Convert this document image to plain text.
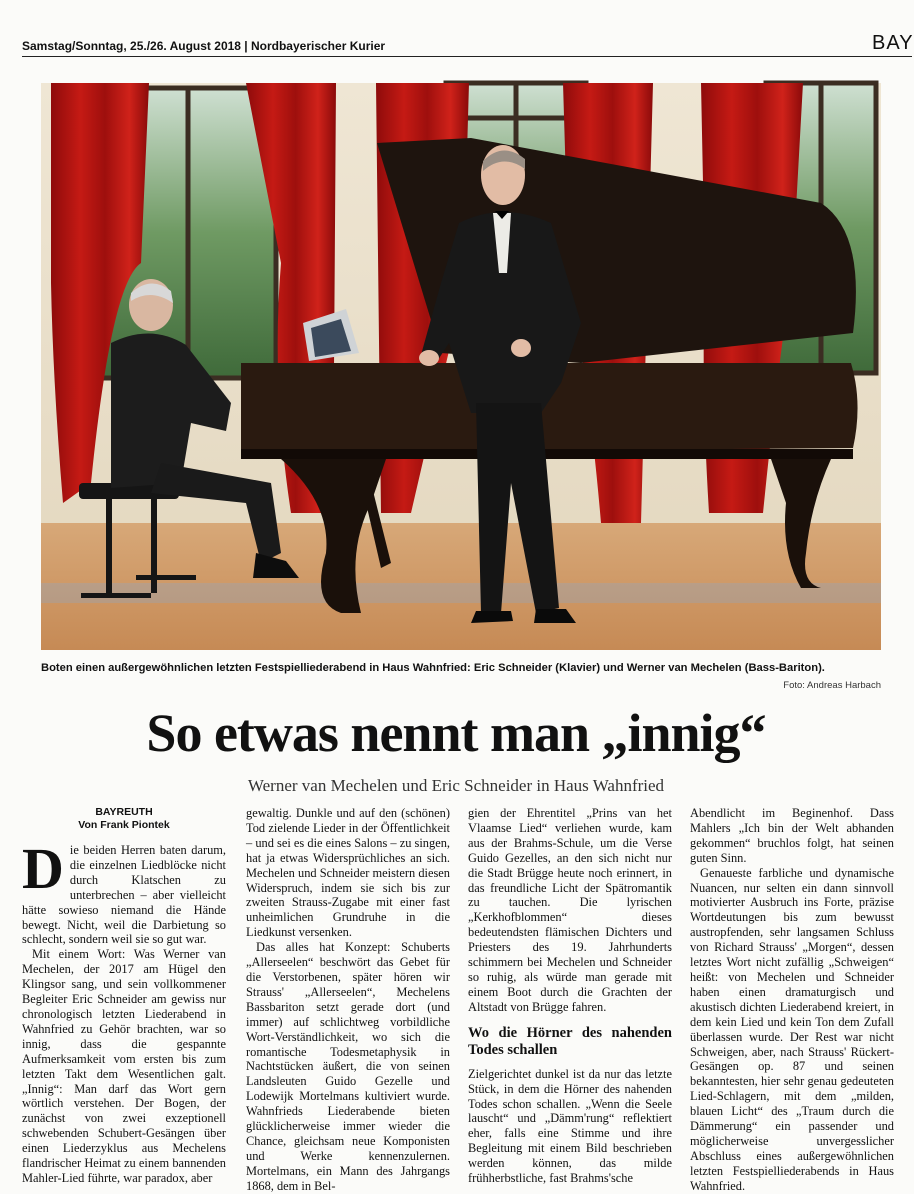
Samstag/Sonntag, 25./26. August 2018 | Nordbayerischer Kurier	BAY
Boten einen außergewöhnlichen letzten Festspielliederabend in Haus Wahnfried: Eric Schneider (Klavier) und Werner van Mechelen (Bass-Bariton).
Foto: Andreas Harbach
So etwas nennt man „innig“
Werner van Mechelen und Eric Schneider in Haus Wahnfried
BAYREUTH
Von Frank Piontek

Die beiden Herren baten darum, die einzelnen Liedblöcke nicht durch Klatschen zu unterbrechen – aber vielleicht hätte sowieso niemand die Hände bewegt. Nicht, weil die Darbietung so schlecht, sondern weil sie so gut war.

Mit einem Wort: Was Werner van Mechelen, der 2017 am Hügel den Klingsor sang, und sein vollkommener Begleiter Eric Schneider am gewiss nur chronologisch letzten Liederabend in Wahnfried zu Gehör brachten, war so innig, dass die gespannte Aufmerksamkeit vom ersten bis zum letzten Takt dem Wesentlichen galt. „Innig“: Man darf das Wort gern wörtlich verstehen. Der Bogen, der zunächst von zwei exzeptionell schwebenden Schubert-Gesängen über einen Liederzyklus aus Mechelens flandrischer Heimat zu einem bannenden Mahler-Lied führte, war paradox, aber

gewaltig. Dunkle und auf den (schönen) Tod zielende Lieder in der Öffentlichkeit – und sei es die eines Salons – zu singen, hat ja etwas Widersprüchliches an sich. Mechelen und Schneider meistern diesen Widerspruch, indem sie sich bis zur zweiten Strauss-Zugabe mit einer fast unheimlichen Grundruhe in die Liedkunst versenken.

Das alles hat Konzept: Schuberts „Allerseelen“ beschwört das Gebet für die Verstorbenen, später hören wir Strauss' „Allerseelen“, Mechelens Bassbariton setzt gerade dort (und immer) auf schlichtweg vorbildliche Wort-Verständlichkeit, wo sich die romantische Todesmetaphysik in Nachtstücken äußert, die von seinen Landsleuten Guido Gezelle und Lodewijk Mortelmans kultiviert wurde. Wahnfrieds Liederabende bieten glücklicherweise immer wieder die Chance, gleichsam neue Komponisten und Werke kennenzulernen. Mortelmans, ein Mann des Jahrgangs 1868, dem in Bel-

gien der Ehrentitel „Prins van het Vlaamse Lied“ verliehen wurde, kam aus der Brahms-Schule, um die Verse Guido Gezelles, an den sich nicht nur die Stadt Brügge heute noch erinnert, in das freundliche Licht der Spätromantik zu tauchen. Die lyrischen „Kerkhofblommen“ dieses bedeutendsten flämischen Dichters und Priesters des 19. Jahrhunderts schimmern bei Mechelen und Schneider so ruhig, als würde man gerade mit einem Boot durch die Grachten der Altstadt von Brügge fahren.

Wo die Hörner des nahenden Todes schallen

Zielgerichtet dunkel ist da nur das letzte Stück, in dem die Hörner des nahenden Todes schon schallen. „Wenn die Seele lauscht“ und „Dämm'rung“ reflektiert eher, falls eine Stimme und ihre Begleitung mit einem Bild beschrieben werden können, das milde frühherbstliche, fast Brahms'sche

Abendlicht im Beginenhof. Dass Mahlers „Ich bin der Welt abhanden gekommen“ bruchlos folgt, hat seinen guten Sinn.

Genaueste farbliche und dynamische Nuancen, nur selten ein dann sinnvoll motivierter Ausbruch ins Forte, präzise Wortdeutungen bis zum bewusst austropfenden, sehr langsamen Schluss von Richard Strauss' „Morgen“, dessen letztes Wort nicht zufällig „Schweigen“ heißt: von Mechelen und Schneider haben einen dramaturgisch und akustisch dichten Liederabend kreiert, in dem kein Lied und kein Ton dem Zufall überlassen wurde. Der Rest war nicht Schweigen, aber, nach Strauss' Rückert-Gesängen op. 87 und seinen bekanntesten, hier sehr genau gedeuteten Lied-Schlagern, mit dem „milden, blauen Licht“ des „Traum durch die Dämmerung“ ein passender und möglicherweise unvergesslicher Abschluss eines außergewöhnlichen letzten Festspielliederabends in Haus Wahnfried.
